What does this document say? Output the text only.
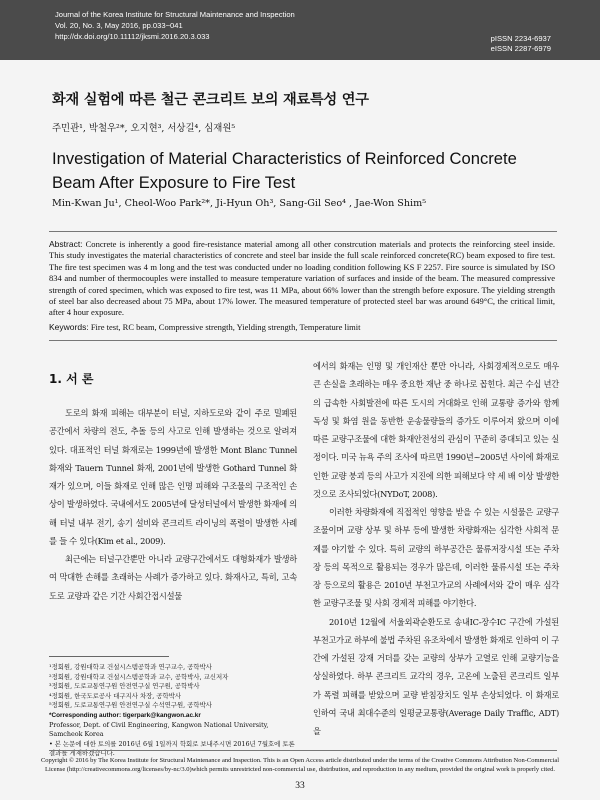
Journal of the Korea Institute for Structural Maintenance and Inspection
Vol. 20, No. 3, May 2016, pp.033~041
http://dx.doi.org/10.11112/jksmi.2016.20.3.033	pISSN 2234-6937
eISSN 2287-6979
화재 실험에 따른 철근 콘크리트 보의 재료특성 연구
주민관¹, 박철우²*, 오지현³, 서상길⁴, 심재원⁵
Investigation of Material Characteristics of Reinforced Concrete Beam After Exposure to Fire Test
Min-Kwan Ju¹, Cheol-Woo Park²*, Ji-Hyun Oh³, Sang-Gil Seo⁴ , Jae-Won Shim⁵
Abstract: Concrete is inherently a good fire-resistance material among all other constrcution materials and protects the reinforcing steel inside. This study investigates the material characteristics of concrete and steel bar inside the full scale reinforced concrete(RC) beam exposed to fire test. The fire test specimen was 4 m long and the test was conducted under no loading condition following KS F 2257. Fire source is simulated by ISO 834 and number of thermocouples were installed to measure temperature variation of surfaces and inside of the beam. The measured compressive strength of cored specimen, which was exposed to fire test, was 11 MPa, about 66% lower than the strength before exposure. The yielding strength of steel bar also decreased about 75 MPa, about 17% lower. The measured temperature of protected steel bar was around 649°C, the critical limit, after 4 hour exposure.
Keywords: Fire test, RC beam, Compressive strength, Yielding strength, Temperature limit
1. 서 론

도로의 화재 피해는 대부분이 터널, 지하도로와 같이 주로 밀폐된 공간에서 차량의 전도, 추돌 등의 사고로 인해 발생하는 것으로 알려져 있다. 대표적인 터널 화재로는 1999년에 발생한 Mont Blanc Tunnel 화재와 Tauern Tunnel 화재, 2001년에 발생한 Gothard Tunnel 화재가 있으며, 이들 화재로 인해 많은 인명 피해와 구조물의 구조적인 손상이 발생하였다. 국내에서도 2005년에 달성터널에서 발생한 화재에 의해 터널 내부 전기, 송기 설비와 콘크리트 라이닝의 폭렬이 발생한 사례를 들 수 있다(Kim et al., 2009).

최근에는 터널구간뿐만 아니라 교량구간에서도 대형화재가 발생하여 막대한 손해를 초래하는 사례가 증가하고 있다. 화재사고, 특히, 고속도로 교량과 같은 기간 사회간접시설물

에서의 화재는 인명 및 개인재산 뿐만 아니라, 사회경제적으로도 매우 큰 손실을 초래하는 매우 중요한 재난 중 하나로 꼽힌다. 최근 수십 년간의 급속한 사회발전에 따른 도시의 거대화로 인해 교통량 증가와 함께 독성 및 화염 원을 동반한 운송물량들의 증가도 이루어져 왔으며 이에 따른 교량구조물에 대한 화재안전성의 관심이 꾸준히 증대되고 있는 실정이다. 미국 뉴욕 주의 조사에 따르면 1990년~2005년 사이에 화재로 인한 교량 붕괴 등의 사고가 지진에 의한 피해보다 약 세 배 이상 발생한 것으로 조사되었다(NYDoT, 2008).

이러한 차량화재에 직접적인 영향을 받을 수 있는 시설물은 교량구조물이며 교량 상부 및 하부 등에 발생한 차량화재는 심각한 사회적 문제를 야기할 수 있다. 특히 교량의 하부공간은 물류저장시설 또는 주차장 등의 목적으로 활용되는 경우가 많은데, 이러한 물류시설 또는 주차장 등으로의 활용은 2010년 부천고가교의 사례에서와 같이 매우 심각한 교량구조물 및 사회 경제적 피해를 야기한다.

2010년 12월에 서울외곽순환도로 송내IC-장수IC 구간에 가설된 부천고가교 하부에 불법 주차된 유조차에서 발생한 화재로 인하여 이 구간에 가설된 강재 거더를 갖는 교량의 상부가 고열로 인해 교량기능을 상실하였다. 하부 콘크리트 교각의 경우, 고온에 노출된 콘크리트 일부가 폭렬 피해를 받았으며 교량 받침장치도 일부 손상되었다. 이 화재로 인하여 국내 최대수준의 일평균교통량(Average Daily Traffic, ADT)을

¹정회원, 강원대학교 건설시스템공학과 연구교수, 공학박사
²정회원, 강원대학교 건설시스템공학과 교수, 공학박사, 교신저자
³정회원, 도로교통연구원 안전연구실 연구원, 공학박사
⁴정회원, 한국도로공사 대구지사 차장, 공학박사
⁵정회원, 도로교통연구원 안전연구실 수석연구원, 공학박사
*Corresponding author: tigerpark@kangwon.ac.kr
Professor, Dept. of Civil Engineering, Kangwon National University, Samcheok Korea
• 본 논문에 대한 토의를 2016년 6월 1일까지 학회로 보내주시면 2016년 7월호에 토론결과를 게재하겠습니다.
Copyright © 2016 by The Korea Institute for Structural Maintenance and Inspection. This is an Open Access article distributed under the terms of the Creative Commons Attribution Non-Commercial License (http://creativecommons.org/licenses/by-nc/3.0)which permits unrestricted non-commercial use, distribution, and reproduction in any medium, provided the original work is properly cited.
33
